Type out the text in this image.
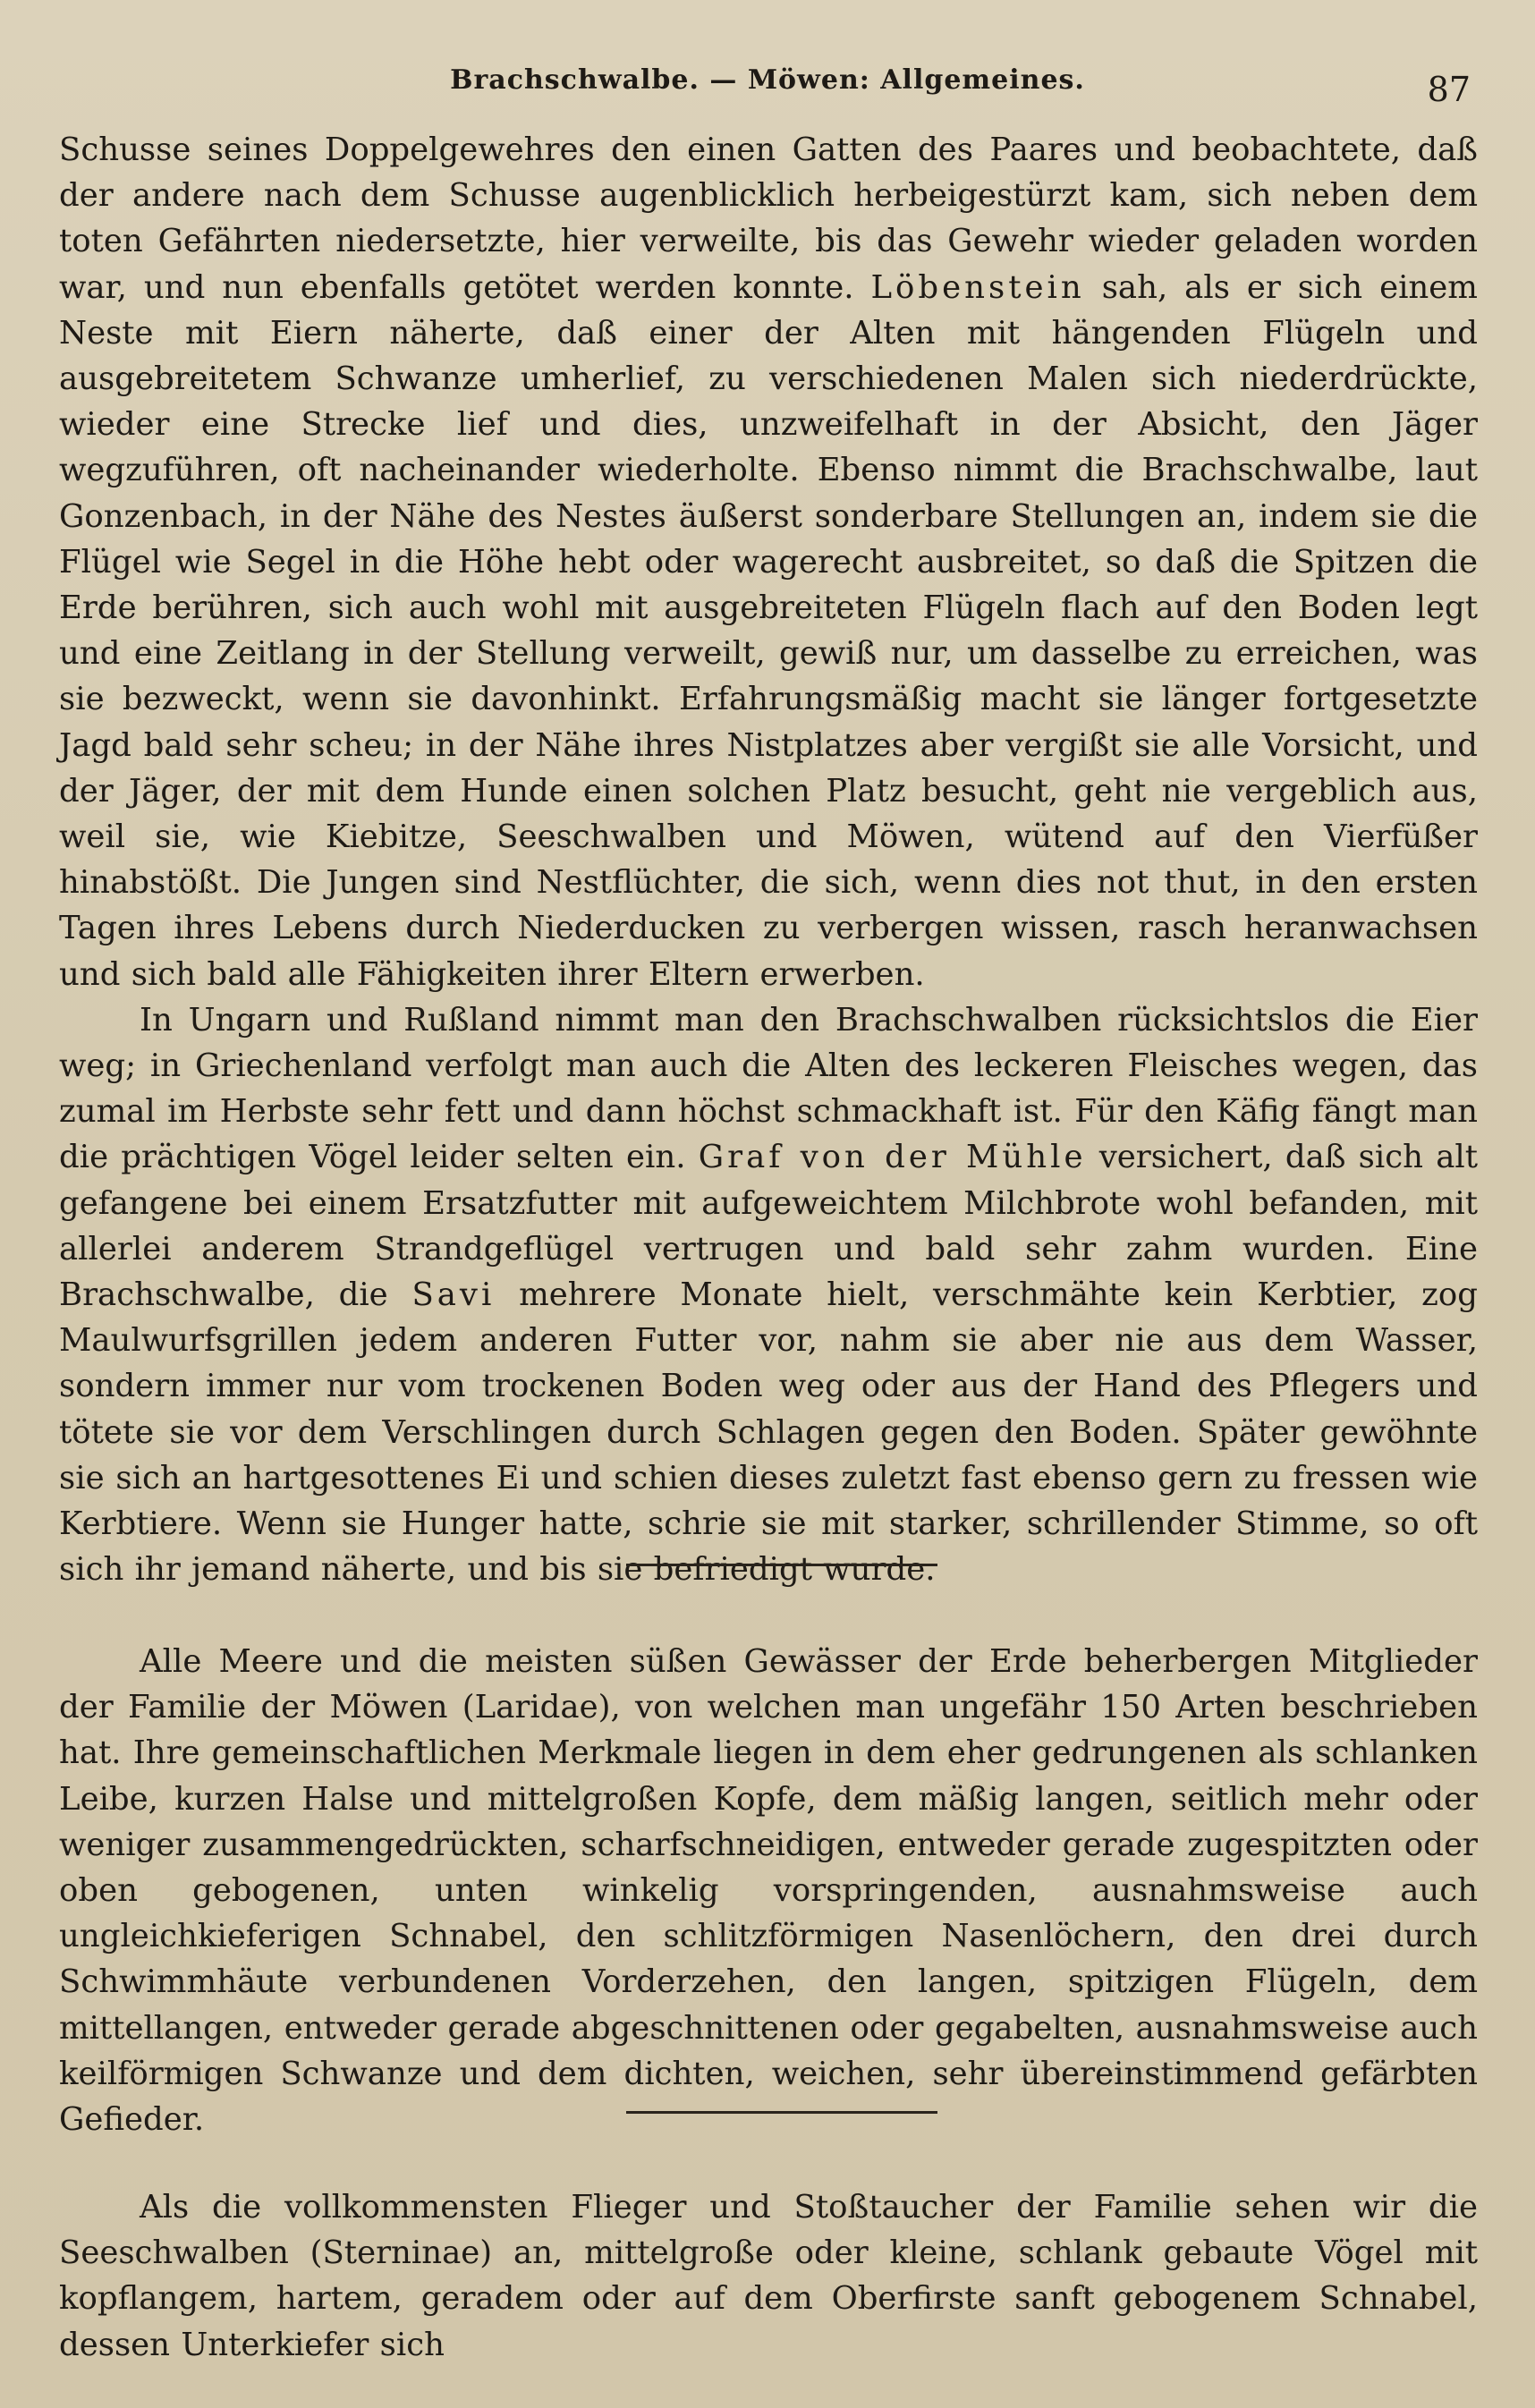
Brachschwalbe. — Möwen: Allgemeines.	87

Schusse seines Doppelgewehres den einen Gatten des Paares und beobachtete, daß der andere nach dem Schusse augenblicklich herbeigestürzt kam, sich neben dem toten Gefährten niedersetzte, hier verweilte, bis das Gewehr wieder geladen worden war, und nun ebenfalls getötet werden konnte. Löbenstein sah, als er sich einem Neste mit Eiern näherte, daß einer der Alten mit hängenden Flügeln und ausgebreitetem Schwanze umherlief, zu verschiedenen Malen sich niederdrückte, wieder eine Strecke lief und dies, unzweifelhaft in der Absicht, den Jäger wegzuführen, oft nacheinander wiederholte. Ebenso nimmt die Brachschwalbe, laut Gonzenbach, in der Nähe des Nestes äußerst sonderbare Stellungen an, indem sie die Flügel wie Segel in die Höhe hebt oder wagerecht ausbreitet, so daß die Spitzen die Erde berühren, sich auch wohl mit ausgebreiteten Flügeln flach auf den Boden legt und eine Zeitlang in der Stellung verweilt, gewiß nur, um dasselbe zu erreichen, was sie bezweckt, wenn sie davonhinkt. Erfahrungsmäßig macht sie länger fortgesetzte Jagd bald sehr scheu; in der Nähe ihres Nistplatzes aber vergißt sie alle Vorsicht, und der Jäger, der mit dem Hunde einen solchen Platz besucht, geht nie vergeblich aus, weil sie, wie Kiebitze, Seeschwalben und Möwen, wütend auf den Vierfüßer hinabstößt. Die Jungen sind Nestflüchter, die sich, wenn dies not thut, in den ersten Tagen ihres Lebens durch Niederducken zu verbergen wissen, rasch heranwachsen und sich bald alle Fähigkeiten ihrer Eltern erwerben.

In Ungarn und Rußland nimmt man den Brachschwalben rücksichtslos die Eier weg; in Griechenland verfolgt man auch die Alten des leckeren Fleisches wegen, das zumal im Herbste sehr fett und dann höchst schmackhaft ist. Für den Käfig fängt man die prächtigen Vögel leider selten ein. Graf von der Mühle versichert, daß sich alt gefangene bei einem Ersatzfutter mit aufgeweichtem Milchbrote wohl befanden, mit allerlei anderem Strandgeflügel vertrugen und bald sehr zahm wurden. Eine Brachschwalbe, die Savi mehrere Monate hielt, verschmähte kein Kerbtier, zog Maulwurfsgrillen jedem anderen Futter vor, nahm sie aber nie aus dem Wasser, sondern immer nur vom trockenen Boden weg oder aus der Hand des Pflegers und tötete sie vor dem Verschlingen durch Schlagen gegen den Boden. Später gewöhnte sie sich an hartgesottenes Ei und schien dieses zuletzt fast ebenso gern zu fressen wie Kerbtiere. Wenn sie Hunger hatte, schrie sie mit starker, schrillender Stimme, so oft sich ihr jemand näherte, und bis sie befriedigt wurde.

Alle Meere und die meisten süßen Gewässer der Erde beherbergen Mitglieder der Familie der Möwen (Laridae), von welchen man ungefähr 150 Arten beschrieben hat. Ihre gemeinschaftlichen Merkmale liegen in dem eher gedrungenen als schlanken Leibe, kurzen Halse und mittelgroßen Kopfe, dem mäßig langen, seitlich mehr oder weniger zusammengedrückten, scharfschneidigen, entweder gerade zugespitzten oder oben gebogenen, unten winkelig vorspringenden, ausnahmsweise auch ungleichkieferigen Schnabel, den schlitzförmigen Nasenlöchern, den drei durch Schwimmhäute verbundenen Vorderzehen, den langen, spitzigen Flügeln, dem mittellangen, entweder gerade abgeschnittenen oder gegabelten, ausnahmsweise auch keilförmigen Schwanze und dem dichten, weichen, sehr übereinstimmend gefärbten Gefieder.

Als die vollkommensten Flieger und Stoßtaucher der Familie sehen wir die Seeschwalben (Sterninae) an, mittelgroße oder kleine, schlank gebaute Vögel mit kopflangem, hartem, geradem oder auf dem Oberfirste sanft gebogenem Schnabel, dessen Unterkiefer sich
